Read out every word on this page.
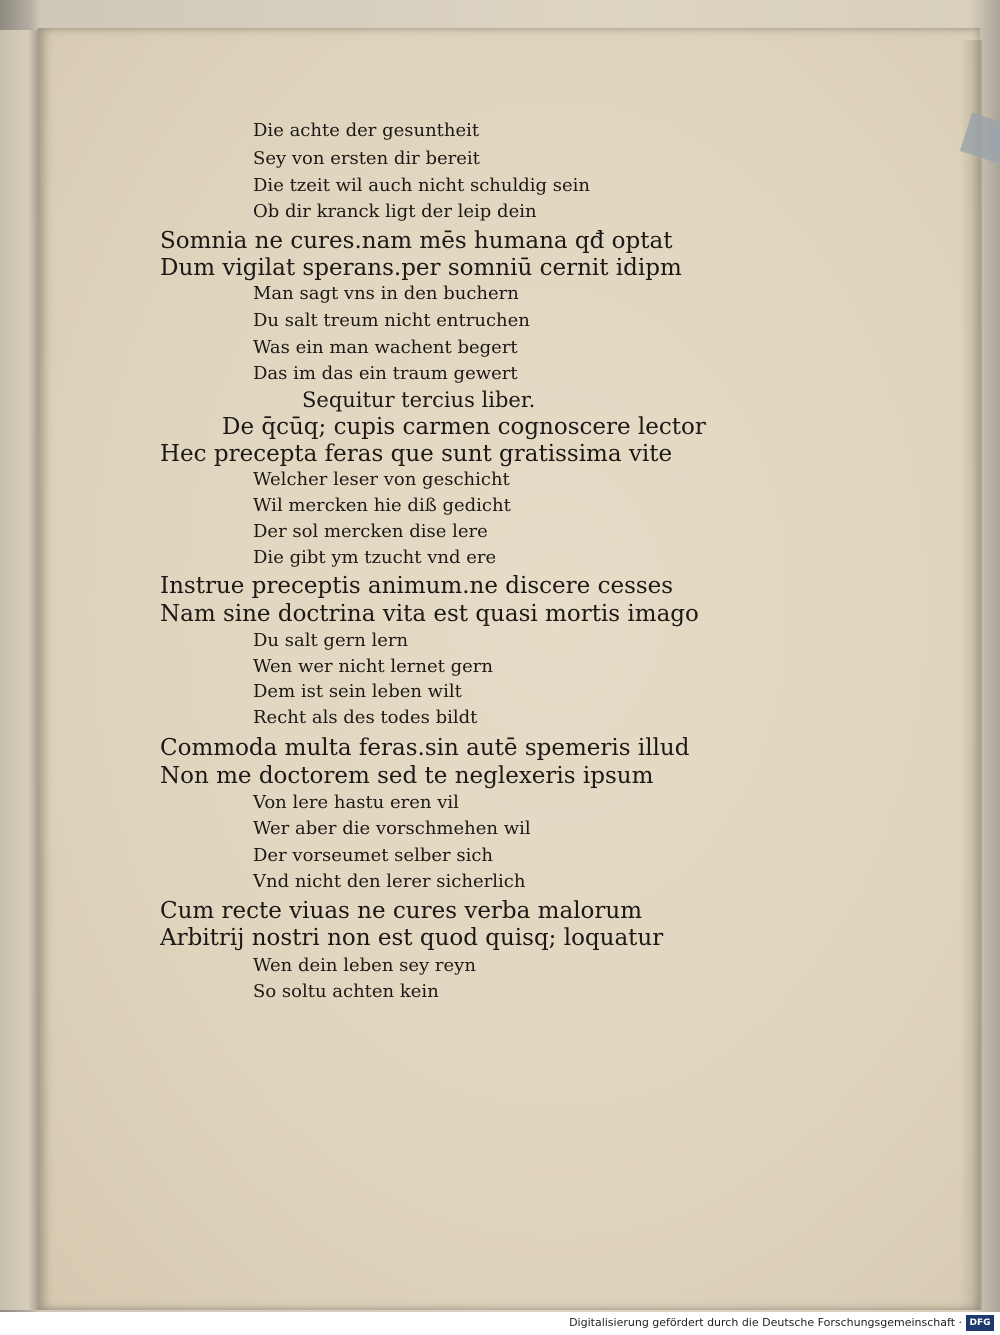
Die achte der gesuntheit
Sey von ersten dir bereit
Die tzeit wil auch nicht schuldig sein
Ob dir kranck ligt der leip dein
Somnia ne cures.nam mēs humana qđ optat
Dum vigilat sperans.per somniū cernit idipm
Man sagt vns in den buchern
Du salt treum nicht entruchen
Was ein man wachent begert
Das im das ein traum gewert
Sequitur tercius liber.
De q̄cūq; cupis carmen cognoscere lector
Hec precepta feras que sunt gratissima vite
Welcher leser von geschicht
Wil mercken hie diß gedicht
Der sol mercken dise lere
Die gibt ym tzucht vnd ere
Instrue preceptis animum.ne discere cesses
Nam sine doctrina vita est quasi mortis imago
Du salt gern lern
Wen wer nicht lernet gern
Dem ist sein leben wilt
Recht als des todes bildt
Commoda multa feras.sin autē spemeris illud
Non me doctorem sed te neglexeris ipsum
Von lere hastu eren vil
Wer aber die vorschmehen wil
Der vorseumet selber sich
Vnd nicht den lerer sicherlich
Cum recte viuas ne cures verba malorum
Arbitrij nostri non est quod quisq; loquatur
Wen dein leben sey reyn
So soltu achten kein
Digitalisierung gefördert durch die Deutsche Forschungsgemeinschaft · DFG
